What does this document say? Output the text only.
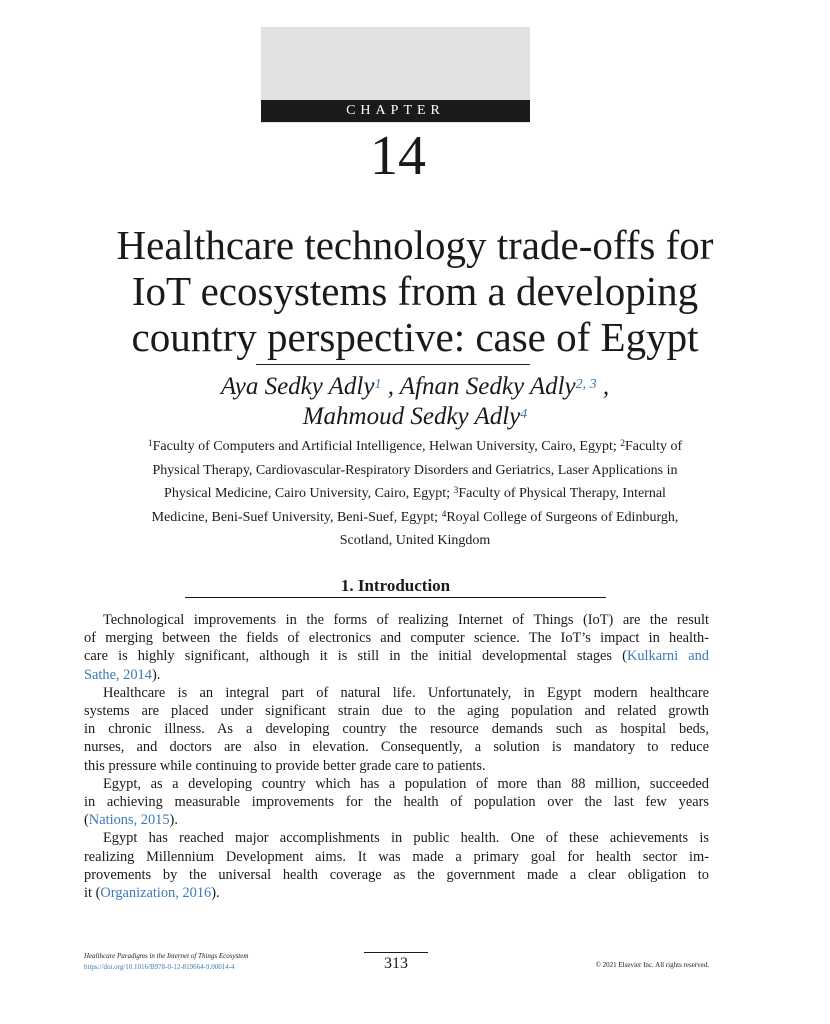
CHAPTER
14
Healthcare technology trade-offs for
IoT ecosystems from a developing
country perspective: case of Egypt
Aya Sedky Adly$^1$ , Afnan Sedky Adly$^{2, 3}$ ,
Mahmoud Sedky Adly$^4$
$^1$Faculty of Computers and Artificial Intelligence, Helwan University, Cairo, Egypt; $^2$Faculty of
Physical Therapy, Cardiovascular-Respiratory Disorders and Geriatrics, Laser Applications in
Physical Medicine, Cairo University, Cairo, Egypt; $^3$Faculty of Physical Therapy, Internal
Medicine, Beni-Suef University, Beni-Suef, Egypt; $^4$Royal College of Surgeons of Edinburgh,
Scotland, United Kingdom
1. Introduction
Technological improvements in the forms of realizing Internet of Things (IoT) are the result
of merging between the fields of electronics and computer science. The IoT’s impact in health-
care is highly significant, although it is still in the initial developmental stages (Kulkarni and
Sathe, 2014).
Healthcare is an integral part of natural life. Unfortunately, in Egypt modern healthcare
systems are placed under significant strain due to the aging population and related growth
in chronic illness. As a developing country the resource demands such as hospital beds,
nurses, and doctors are also in elevation. Consequently, a solution is mandatory to reduce
this pressure while continuing to provide better grade care to patients.
Egypt, as a developing country which has a population of more than 88 million, succeeded
in achieving measurable improvements for the health of population over the last few years
(Nations, 2015).
Egypt has reached major accomplishments in public health. One of these achievements is
realizing Millennium Development aims. It was made a primary goal for health sector im-
provements by the universal health coverage as the government made a clear obligation to
it (Organization, 2016).
Healthcare Paradigms in the Internet of Things Ecosystem
https://doi.org/10.1016/B978-0-12-819664-9.00014-4	313	© 2021 Elsevier Inc. All rights reserved.
